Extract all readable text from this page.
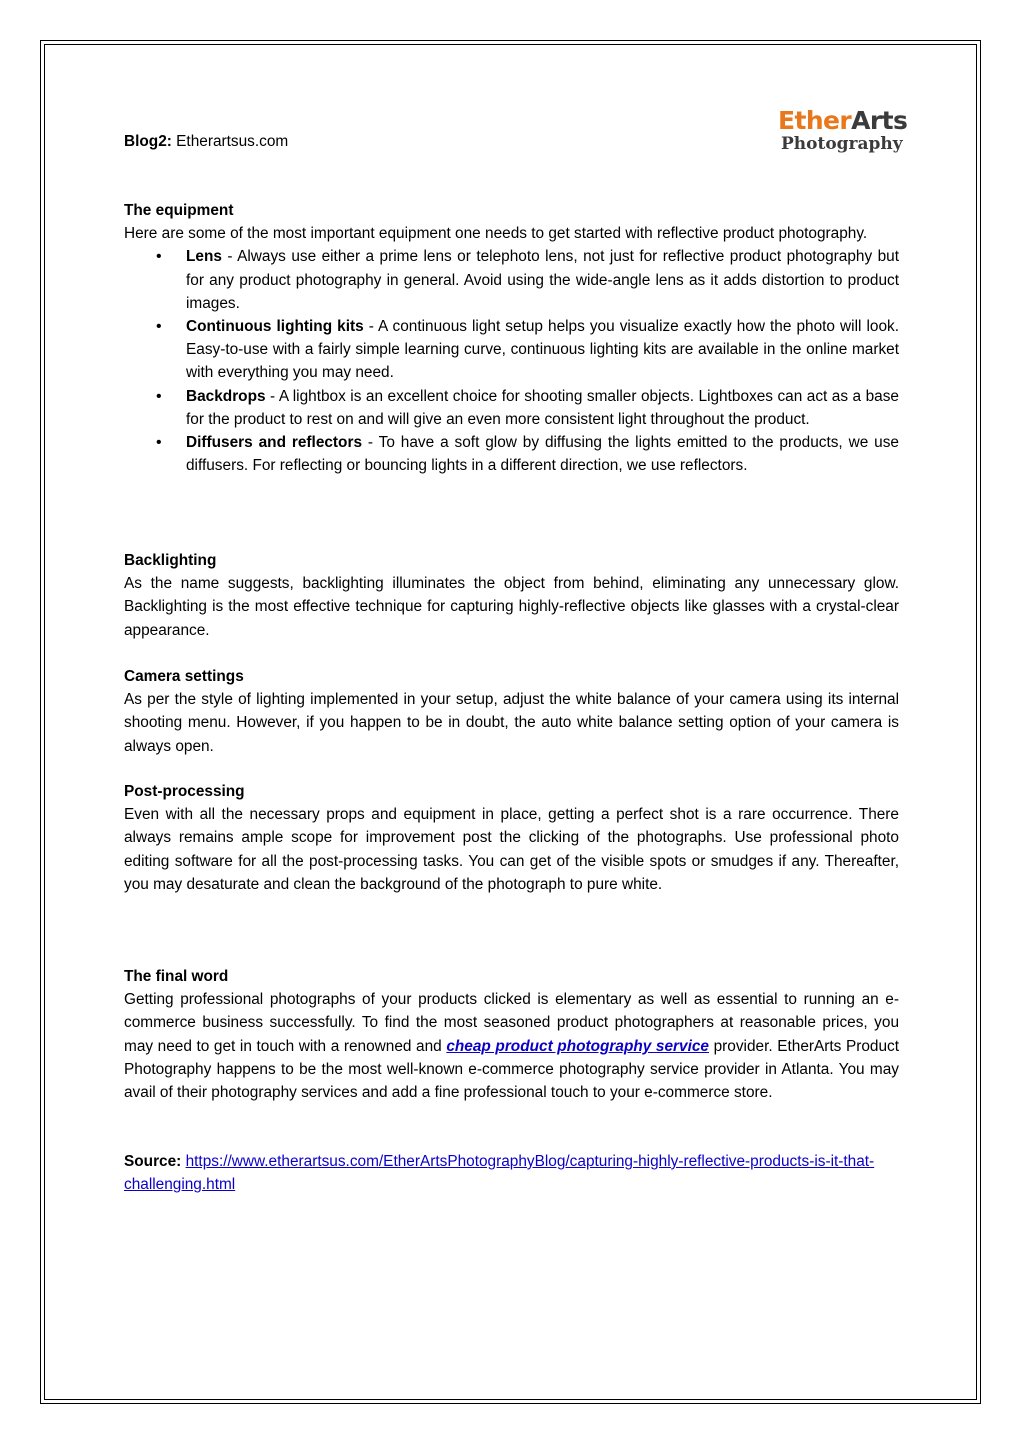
EtherArts
Photography
Blog2: Etherartsus.com
The equipment

Here are some of the most important equipment one needs to get started with reflective product photography.

• Lens - Always use either a prime lens or telephoto lens, not just for reflective product photography but for any product photography in general. Avoid using the wide-angle lens as it adds distortion to product images.
• Continuous lighting kits - A continuous light setup helps you visualize exactly how the photo will look. Easy-to-use with a fairly simple learning curve, continuous lighting kits are available in the online market with everything you may need.
• Backdrops - A lightbox is an excellent choice for shooting smaller objects. Lightboxes can act as a base for the product to rest on and will give an even more consistent light throughout the product.
• Diffusers and reflectors - To have a soft glow by diffusing the lights emitted to the products, we use diffusers. For reflecting or bouncing lights in a different direction, we use reflectors.
Backlighting

As the name suggests, backlighting illuminates the object from behind, eliminating any unnecessary glow. Backlighting is the most effective technique for capturing highly-reflective objects like glasses with a crystal-clear appearance.

Camera settings

As per the style of lighting implemented in your setup, adjust the white balance of your camera using its internal shooting menu. However, if you happen to be in doubt, the auto white balance setting option of your camera is always open.

Post-processing

Even with all the necessary props and equipment in place, getting a perfect shot is a rare occurrence. There always remains ample scope for improvement post the clicking of the photographs. Use professional photo editing software for all the post-processing tasks. You can get of the visible spots or smudges if any. Thereafter, you may desaturate and clean the background of the photograph to pure white.

The final word

Getting professional photographs of your products clicked is elementary as well as essential to running an e-commerce business successfully. To find the most seasoned product photographers at reasonable prices, you may need to get in touch with a renowned and cheap product photography service provider. EtherArts Product Photography happens to be the most well-known e-commerce photography service provider in Atlanta. You may avail of their photography services and add a fine professional touch to your e-commerce store.

Source: https://www.etherartsus.com/EtherArtsPhotographyBlog/capturing-highly-reflective-products-is-it-that-challenging.html
